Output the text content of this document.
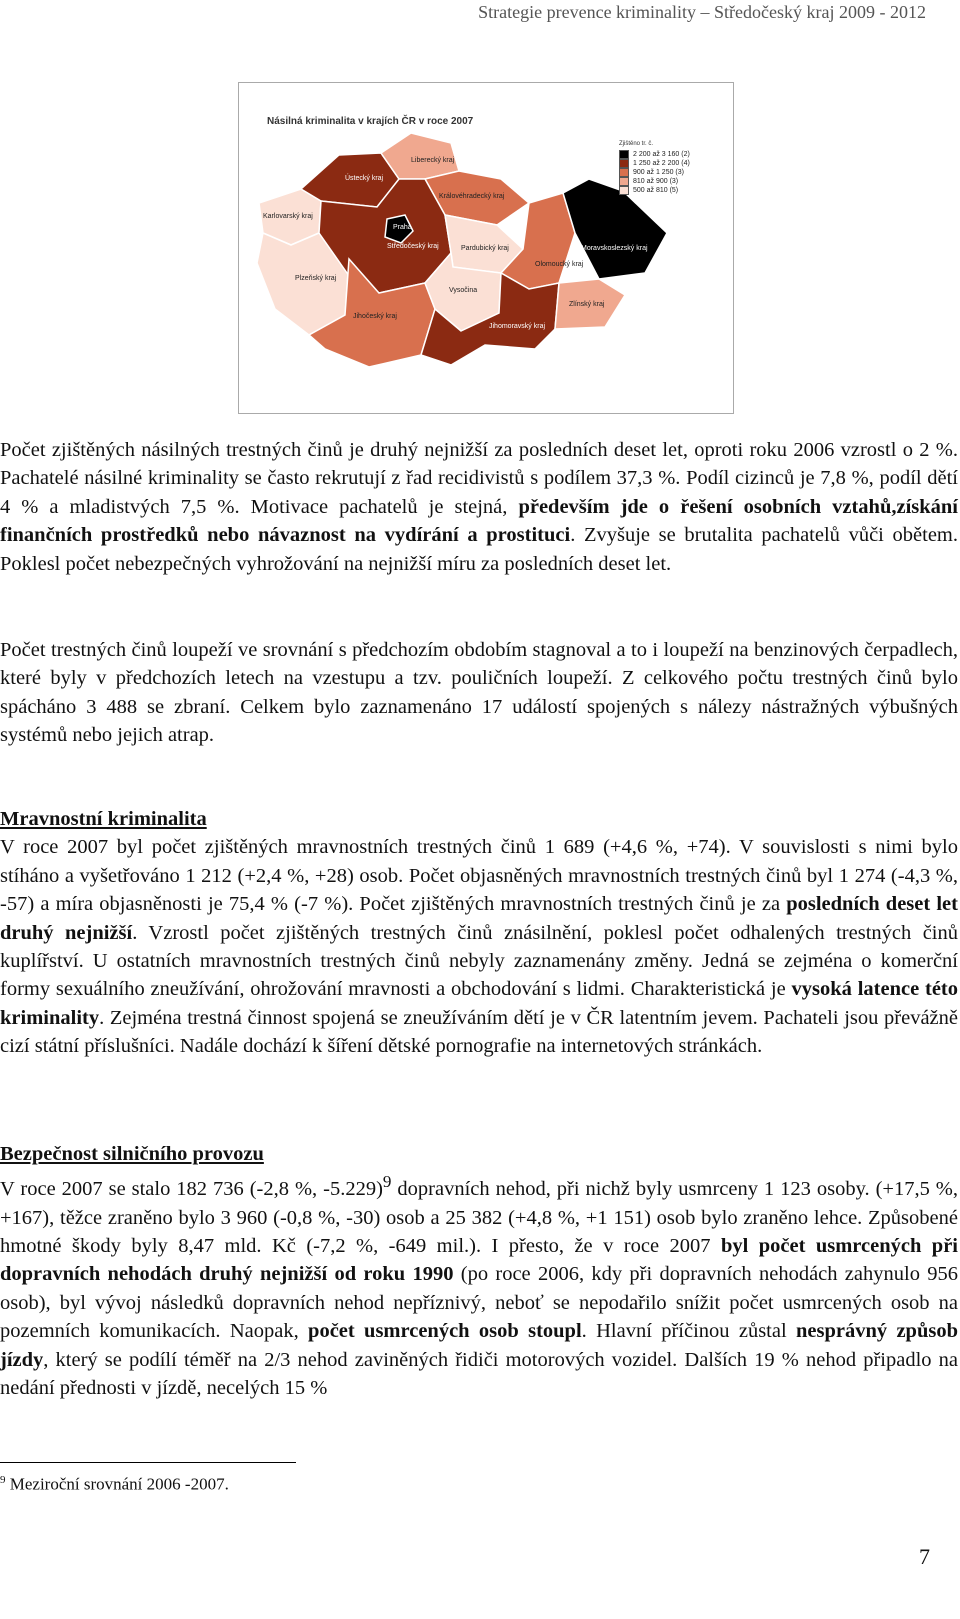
Strategie prevence kriminality – Středočeský kraj 2009 - 2012
Násilná kriminalita v krajích ČR v roce 2007
Liberecký kraj
Ústecký kraj
Královéhradecký kraj
Karlovarský kraj
Praha
Středočeský kraj	Pardubický kraj	Moravskoslezský kraj
Olomoucký kraj
Plzeňský kraj
Vysočina
Zlínský kraj
Jihočeský kraj
Jihomoravský kraj
Zjištěno tr. č.
2 200 až 3 160 (2)
1 250 až 2 200 (4)
900 až 1 250 (3)
810 až 900 (3)
500 až 810 (5)

Počet zjištěných násilných trestných činů je druhý nejnižší za posledních deset let, oproti roku 2006 vzrostl o 2 %. Pachatelé násilné kriminality se často rekrutují z řad recidivistů s podílem 37,3 %. Podíl cizinců je 7,8 %, podíl dětí 4 % a mladistvých 7,5 %. Motivace pachatelů je stejná, především jde o řešení osobních vztahů,získání finančních prostředků nebo návaznost na vydírání a prostituci. Zvyšuje se brutalita pachatelů vůči obětem. Poklesl počet nebezpečných vyhrožování na nejnižší míru za posledních deset let.

Počet trestných činů loupeží ve srovnání s předchozím obdobím stagnoval a to i loupeží na benzinových čerpadlech, které byly v předchozích letech na vzestupu a tzv. pouličních loupeží. Z celkového počtu trestných činů bylo spácháno 3 488 se zbraní. Celkem bylo zaznamenáno 17 událostí spojených s nálezy nástražných výbušných systémů nebo jejich atrap.

Mravnostní kriminalita

V roce 2007 byl počet zjištěných mravnostních trestných činů 1 689 (+4,6 %, +74). V souvislosti s nimi bylo stíháno a vyšetřováno 1 212 (+2,4 %, +28) osob. Počet objasněných mravnostních trestných činů byl 1 274 (-4,3 %, -57) a míra objasněnosti je 75,4 % (-7 %). Počet zjištěných mravnostních trestných činů je za posledních deset let druhý nejnižší. Vzrostl počet zjištěných trestných činů znásilnění, poklesl počet odhalených trestných činů kuplířství. U ostatních mravnostních trestných činů nebyly zaznamenány změny. Jedná se zejména o komerční formy sexuálního zneužívání, ohrožování mravnosti a obchodování s lidmi. Charakteristická je vysoká latence této kriminality. Zejména trestná činnost spojená se zneužíváním dětí je v ČR latentním jevem. Pachateli jsou převážně cizí státní příslušníci. Nadále dochází k šíření dětské pornografie na internetových stránkách.

Bezpečnost silničního provozu

V roce 2007 se stalo 182 736 (-2,8 %, -5.229)$^9$ dopravních nehod, při nichž byly usmrceny 1 123 osoby. (+17,5 %, +167), těžce zraněno bylo 3 960 (-0,8 %, -30) osob a 25 382 (+4,8 %, +1 151) osob bylo zraněno lehce. Způsobené hmotné škody byly 8,47 mld. Kč (-7,2 %, -649 mil.). I přesto, že v roce 2007 byl počet usmrcených při dopravních nehodách druhý nejnižší od roku 1990 (po roce 2006, kdy při dopravních nehodách zahynulo 956 osob), byl vývoj následků dopravních nehod nepříznivý, neboť se nepodařilo snížit počet usmrcených osob na pozemních komunikacích. Naopak, počet usmrcených osob stoupl. Hlavní příčinou zůstal nesprávný způsob jízdy, který se podílí téměř na 2/3 nehod zaviněných řidiči motorových vozidel. Dalších 19 % nehod připadlo na nedání přednosti v jízdě, necelých 15 %

$^9$ Meziroční srovnání 2006 -2007.
7
